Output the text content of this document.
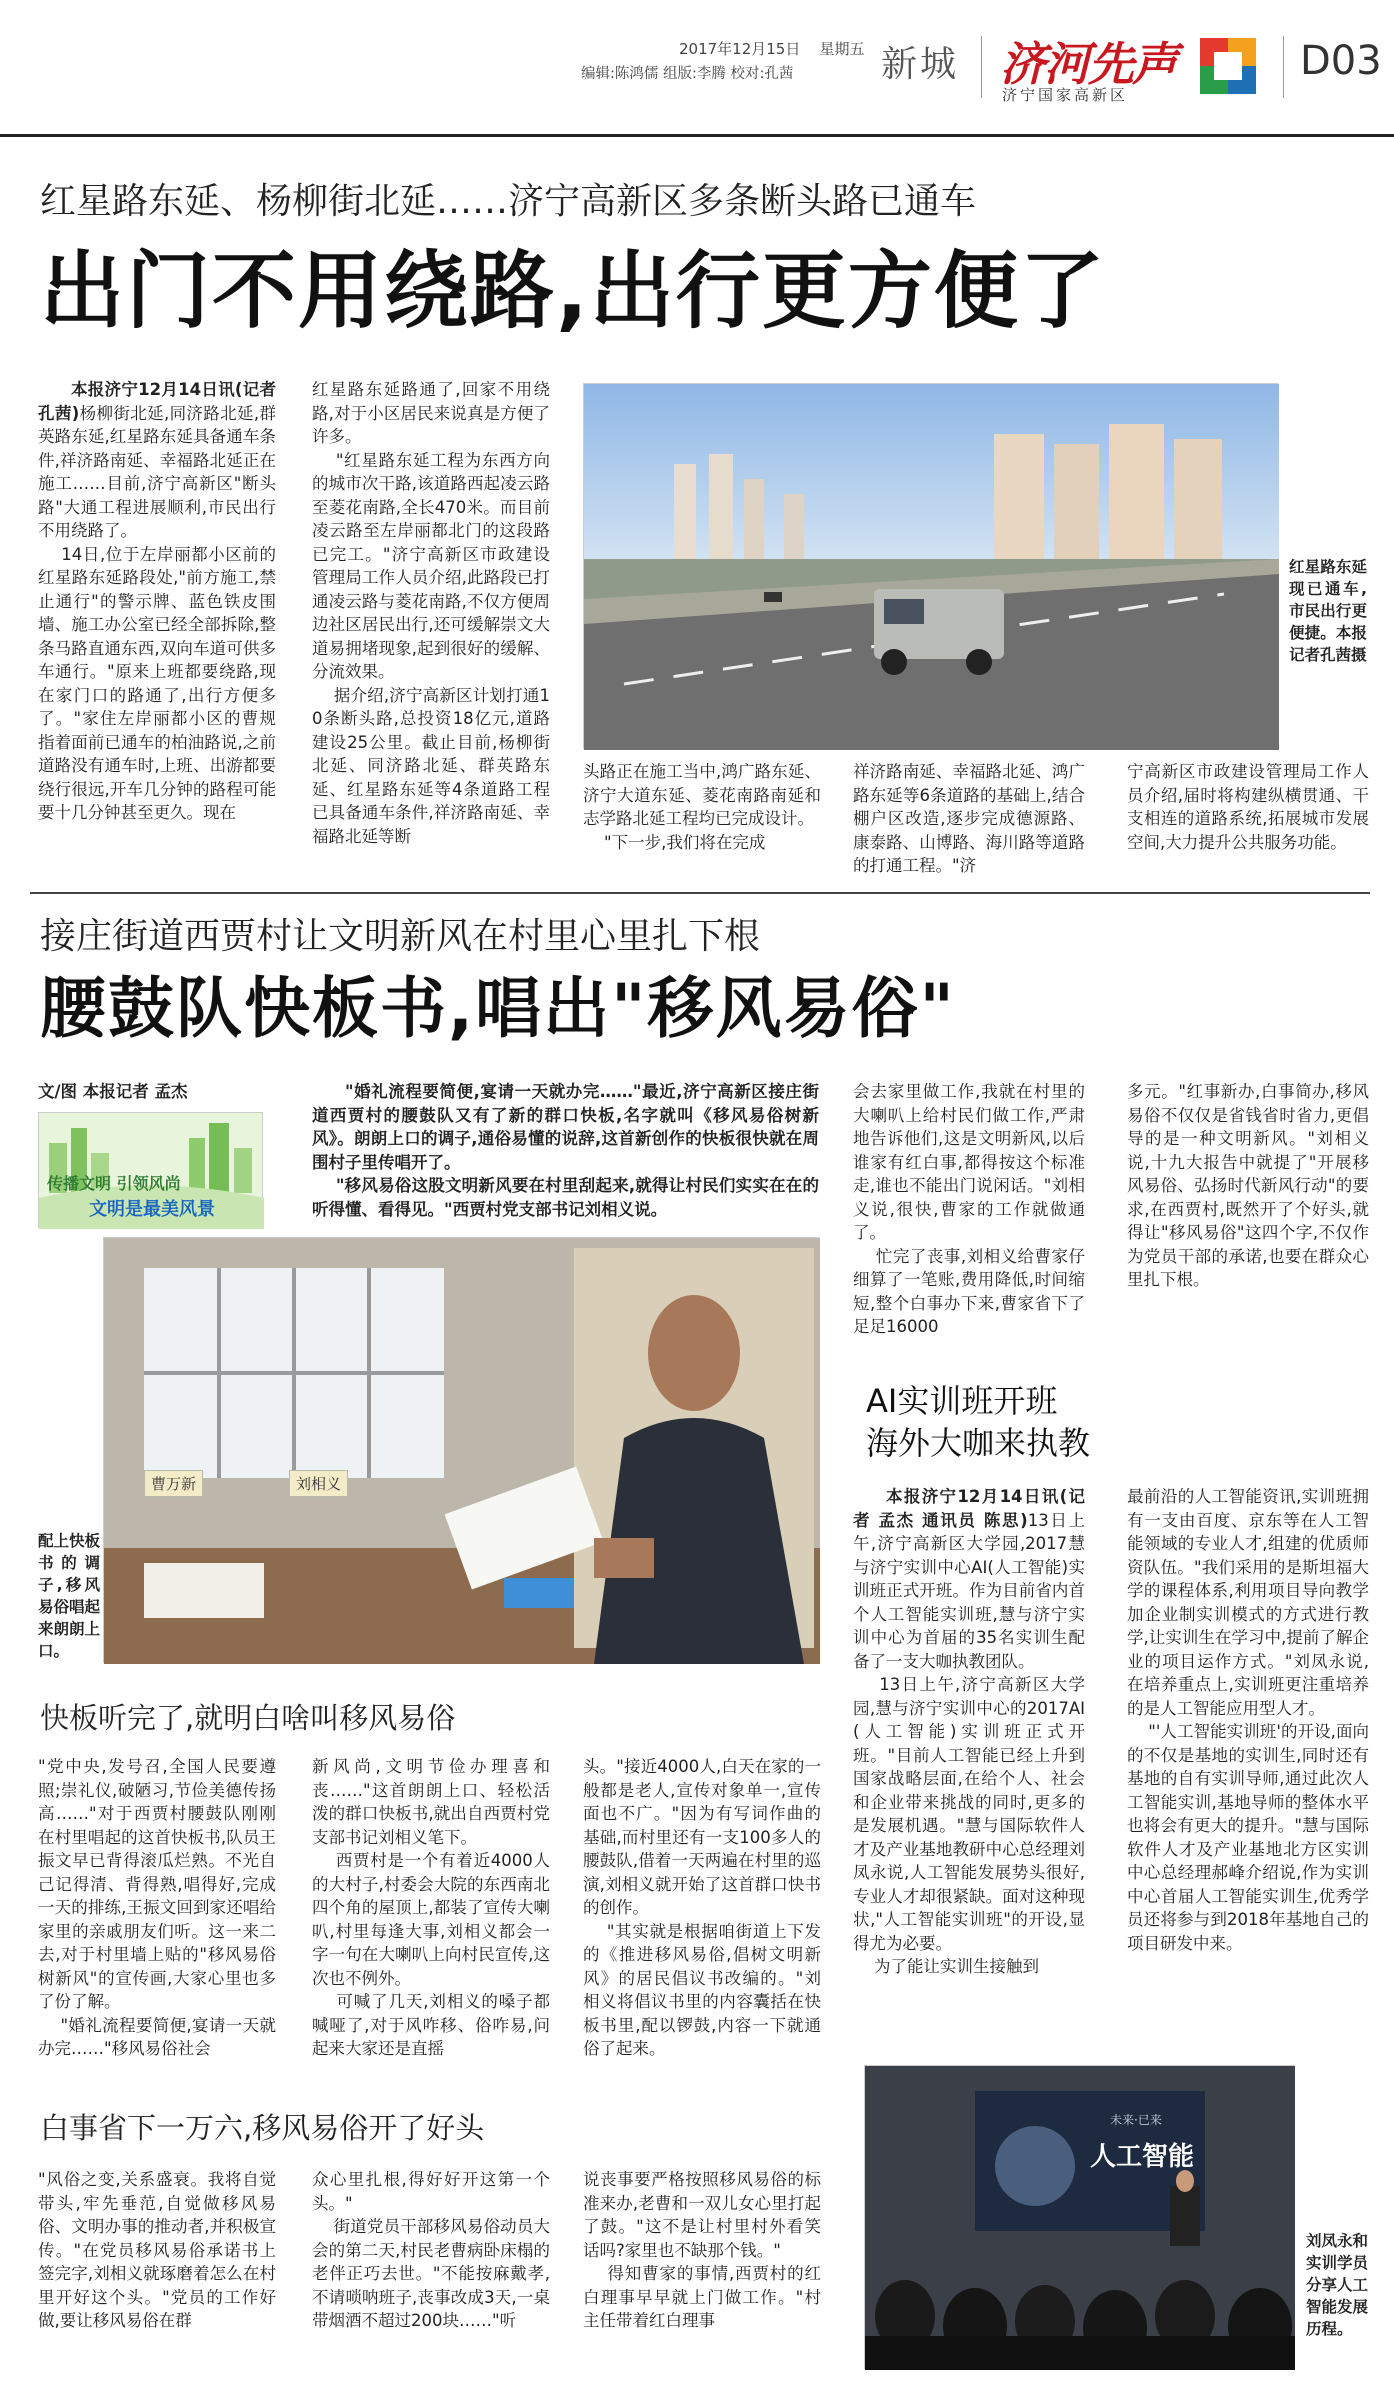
2017年12月15日 星期五
编辑:陈鸿儒 组版:李腾 校对:孔茜 新城 济河先声
济宁国家高新区
D03
红星路东延、杨柳街北延……济宁高新区多条断头路已通车
出门不用绕路,出行更方便了
本报济宁12月14日讯(记者 孔茜)杨柳街北延,同济路北延,群英路东延,红星路东延具备通车条件,祥济路南延、幸福路北延正在施工……目前,济宁高新区"断头路"大通工程进展顺利,市民出行不用绕路了。
14日,位于左岸丽都小区前的红星路东延路段处,"前方施工,禁止通行"的警示牌、蓝色铁皮围墙、施工办公室已经全部拆除,整条马路直通东西,双向车道可供多车通行。"原来上班都要绕路,现在家门口的路通了,出行方便多了。"家住左岸丽都小区的曹规指着面前已通车的柏油路说,之前道路没有通车时,上班、出游都要绕行很远,开车几分钟的路程可能要十几分钟甚至更久。现在
红星路东延路通了,回家不用绕路,对于小区居民来说真是方便了许多。
"红星路东延工程为东西方向的城市次干路,该道路西起凌云路至菱花南路,全长470米。而目前凌云路至左岸丽都北门的这段路已完工。"济宁高新区市政建设管理局工作人员介绍,此路段已打通凌云路与菱花南路,不仅方便周边社区居民出行,还可缓解崇文大道易拥堵现象,起到很好的缓解、分流效果。
据介绍,济宁高新区计划打通10条断头路,总投资18亿元,道路建设25公里。截止目前,杨柳街北延、同济路北延、群英路东延、红星路东延等4条道路工程已具备通车条件,祥济路南延、幸福路北延等断
红星路东延现已通车,市民出行更便捷。本报记者孔茜摄
头路正在施工当中,鸿广路东延、济宁大道东延、菱花南路南延和志学路北延工程均已完成设计。
"下一步,我们将在完成
祥济路南延、幸福路北延、鸿广路东延等6条道路的基础上,结合棚户区改造,逐步完成德源路、康泰路、山博路、海川路等道路的打通工程。"济
宁高新区市政建设管理局工作人员介绍,届时将构建纵横贯通、干支相连的道路系统,拓展城市发展空间,大力提升公共服务功能。
接庄街道西贾村让文明新风在村里心里扎下根
腰鼓队快板书,唱出"移风易俗"
文/图 本报记者 孟杰
传播文明 引领风尚
文明是最美风景
"婚礼流程要简便,宴请一天就办完……"最近,济宁高新区接庄街道西贾村的腰鼓队又有了新的群口快板,名字就叫《移风易俗树新风》。朗朗上口的调子,通俗易懂的说辞,这首新创作的快板很快就在周围村子里传唱开了。
"移风易俗这股文明新风要在村里刮起来,就得让村民们实实在在的听得懂、看得见。"西贾村党支部书记刘相义说。
曹万新	刘相义
配上快板书的调子,移风易俗唱起来朗朗上口。
会去家里做工作,我就在村里的大喇叭上给村民们做工作,严肃地告诉他们,这是文明新风,以后谁家有红白事,都得按这个标准走,谁也不能出门说闲话。"刘相义说,很快,曹家的工作就做通了。
忙完了丧事,刘相义给曹家仔细算了一笔账,费用降低,时间缩短,整个白事办下来,曹家省下了足足16000
多元。"红事新办,白事简办,移风易俗不仅仅是省钱省时省力,更倡导的是一种文明新风。"刘相义说,十九大报告中就提了"开展移风易俗、弘扬时代新风行动"的要求,在西贾村,既然开了个好头,就得让"移风易俗"这四个字,不仅作为党员干部的承诺,也要在群众心里扎下根。
快板听完了,就明白啥叫移风易俗
"党中央,发号召,全国人民要遵照;崇礼仪,破陋习,节俭美德传扬高……"对于西贾村腰鼓队刚刚在村里唱起的这首快板书,队员王振文早已背得滚瓜烂熟。不光自己记得清、背得熟,唱得好,完成一天的排练,王振文回到家还唱给家里的亲戚朋友们听。这一来二去,对于村里墙上贴的"移风易俗树新风"的宣传画,大家心里也多了份了解。
"婚礼流程要简便,宴请一天就办完……"移风易俗社会
新风尚,文明节俭办理喜和丧……"这首朗朗上口、轻松活泼的群口快板书,就出自西贾村党支部书记刘相义笔下。
西贾村是一个有着近4000人的大村子,村委会大院的东西南北四个角的屋顶上,都装了宣传大喇叭,村里每逢大事,刘相义都会一字一句在大喇叭上向村民宣传,这次也不例外。
可喊了几天,刘相义的嗓子都喊哑了,对于风咋移、俗咋易,问起来大家还是直摇
头。"接近4000人,白天在家的一般都是老人,宣传对象单一,宣传面也不广。"因为有写词作曲的基础,而村里还有一支100多人的腰鼓队,借着一天两遍在村里的巡演,刘相义就开始了这首群口快书的创作。
"其实就是根据咱街道上下发的《推进移风易俗,倡树文明新风》的居民倡议书改编的。"刘相义将倡议书里的内容囊括在快板书里,配以锣鼓,内容一下就通俗了起来。
白事省下一万六,移风易俗开了好头
"风俗之变,关系盛衰。我将自觉带头,牢先垂范,自觉做移风易俗、文明办事的推动者,并积极宣传。"在党员移风易俗承诺书上签完字,刘相义就琢磨着怎么在村里开好这个头。"党员的工作好做,要让移风易俗在群
众心里扎根,得好好开这第一个头。"
街道党员干部移风易俗动员大会的第二天,村民老曹病卧床榻的老伴正巧去世。"不能按麻戴孝,不请唢呐班子,丧事改成3天,一桌带烟酒不超过200块……"听
说丧事要严格按照移风易俗的标准来办,老曹和一双儿女心里打起了鼓。"这不是让村里村外看笑话吗?家里也不缺那个钱。"
得知曹家的事情,西贾村的红白理事早早就上门做工作。"村主任带着红白理事
AI实训班开班
海外大咖来执教
本报济宁12月14日讯(记者 孟杰 通讯员 陈思)13日上午,济宁高新区大学园,2017慧与济宁实训中心AI(人工智能)实训班正式开班。作为目前省内首个人工智能实训班,慧与济宁实训中心为首届的35名实训生配备了一支大咖执教团队。
13日上午,济宁高新区大学园,慧与济宁实训中心的2017AI(人工智能)实训班正式开班。"目前人工智能已经上升到国家战略层面,在给个人、社会和企业带来挑战的同时,更多的是发展机遇。"慧与国际软件人才及产业基地教研中心总经理刘凤永说,人工智能发展势头很好,专业人才却很紧缺。面对这种现状,"人工智能实训班"的开设,显得尤为必要。
为了能让实训生接触到
最前沿的人工智能资讯,实训班拥有一支由百度、京东等在人工智能领域的专业人才,组建的优质师资队伍。"我们采用的是斯坦福大学的课程体系,利用项目导向教学加企业制实训模式的方式进行教学,让实训生在学习中,提前了解企业的项目运作方式。"刘凤永说,在培养重点上,实训班更注重培养的是人工智能应用型人才。
"'人工智能实训班'的开设,面向的不仅是基地的实训生,同时还有基地的自有实训导师,通过此次人工智能实训,基地导师的整体水平也将会有更大的提升。"慧与国际软件人才及产业基地北方区实训中心总经理郝峰介绍说,作为实训中心首届人工智能实训生,优秀学员还将参与到2018年基地自己的项目研发中来。
未来·已来
人工智能
刘凤永和实训学员分享人工智能发展历程。
